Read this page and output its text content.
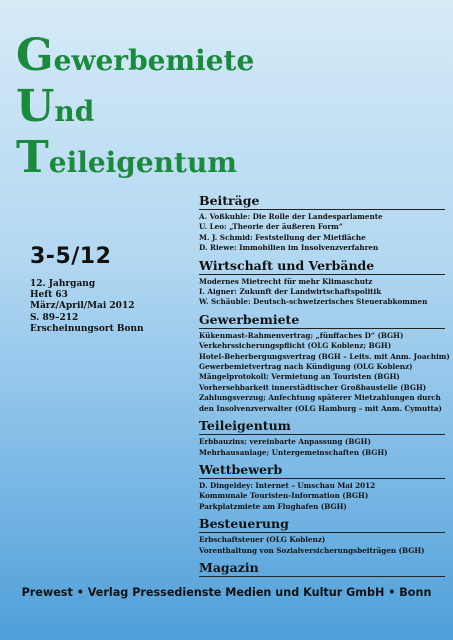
G ewerbemiete
U nd
T eileigentum
3-5/12
12. Jahrgang
Heft 63
März/April/Mai 2012
S. 89–212
Erscheinungsort Bonn
Beiträge
A. Voßkuhle: Die Rolle der Landesparlamente
U. Leo: „Theorie der äußeren Form“
M. J. Schmid: Feststellung der Mietfläche
D. Riewe: Immobilien im Insolvenzverfahren
Wirtschaft und Verbände
Modernes Mietrecht für mehr Klimaschutz
I. Aigner: Zukunft der Landwirtschaftspolitik
W. Schäuble: Deutsch-schweizerisches Steuerabkommen
Gewerbemiete
Kükenmast-Rahmenvertrag; „fünffaches D“ (BGH)
Verkehrssicherungspflicht (OLG Koblenz; BGH)
Hotel-Beherbergungsvertrag (BGH – Leits. mit Anm. Joachim)
Gewerbemietvertrag nach Kündigung (OLG Koblenz)
Mängelprotokoll; Vermietung an Touristen (BGH)
Vorhersehbarkeit innerstädtischer Großbaustelle (BGH)
Zahlungsverzug; Anfechtung späterer Mietzahlungen durch den Insolvenzverwalter (OLG Hamburg – mit Anm. Cymutta)
Teileigentum
Erbbauzins; vereinbarte Anpassung (BGH)
Mehrhausanlage; Untergemeinschaften (BGH)
Wettbewerb
D. Dingeldey: Internet – Umschau Mai 2012
Kommunale Touristen-Information (BGH)
Parkplatzmiete am Flughafen (BGH)
Besteuerung
Erbschaftsteuer (OLG Koblenz)
Vorenthaltung von Sozialversicherungsbeiträgen (BGH)
Magazin
Prewest • Verlag Pressedienste Medien und Kultur GmbH • Bonn
